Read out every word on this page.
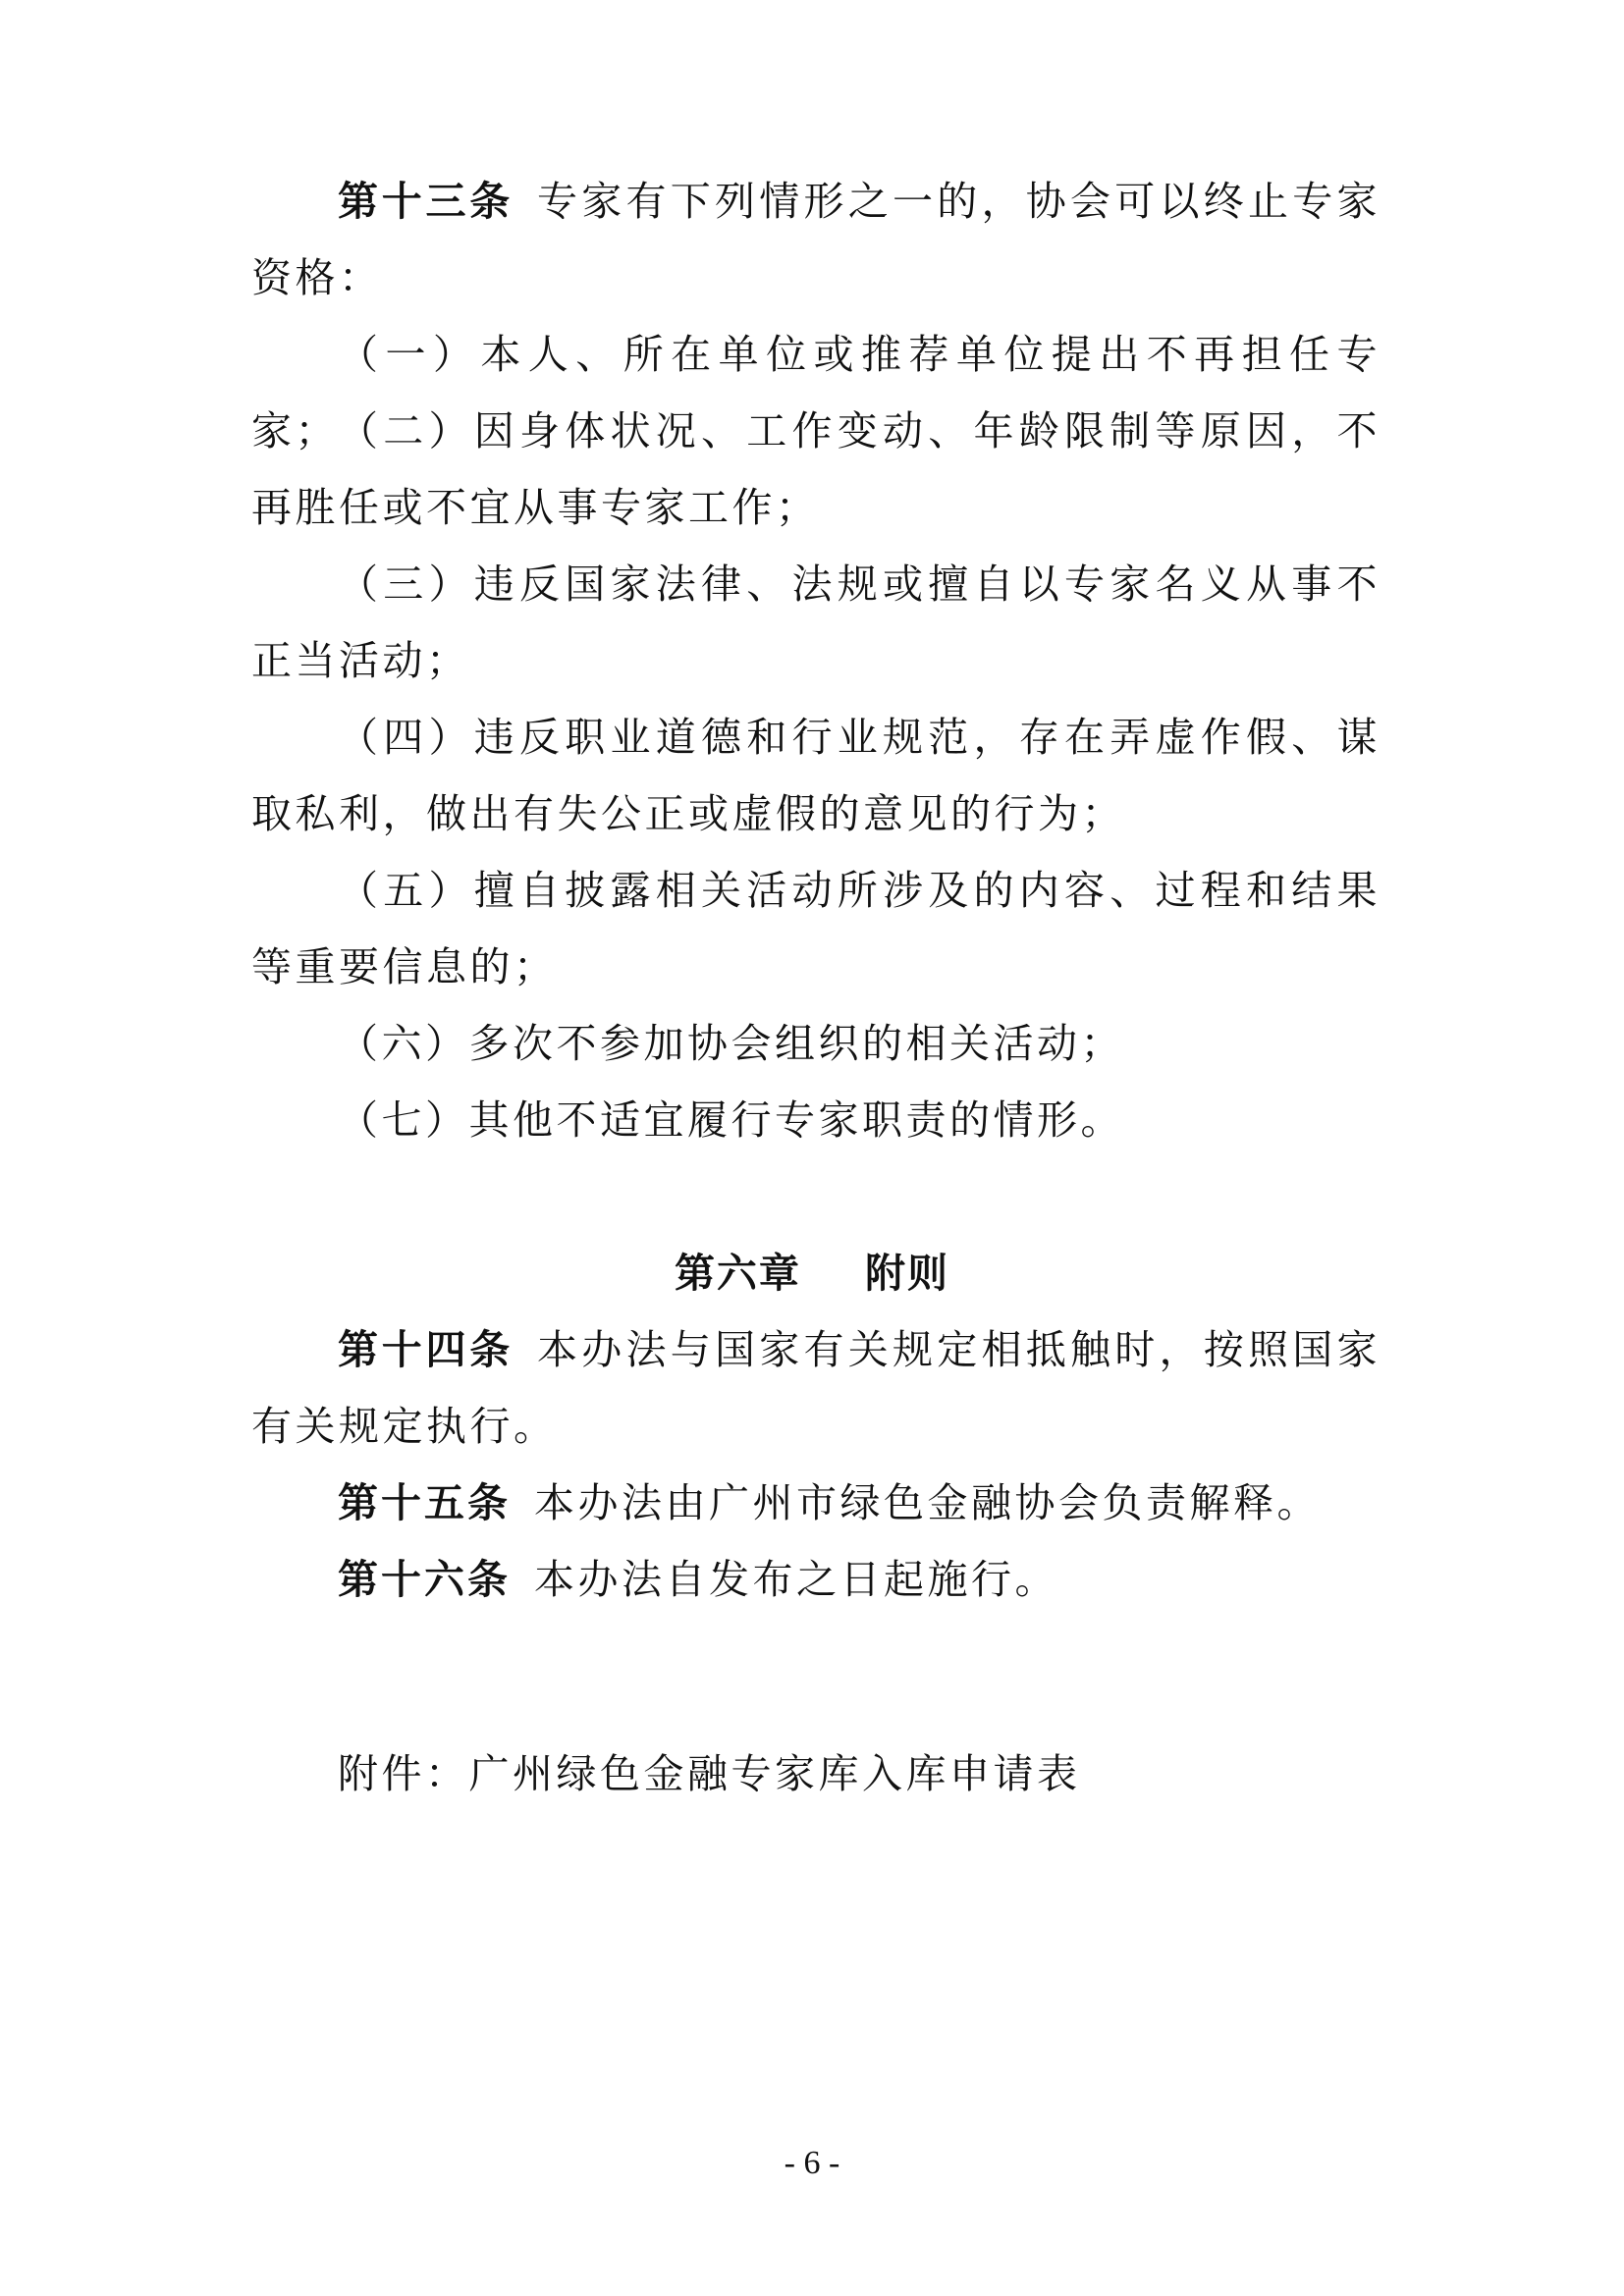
第十三条 专家有下列情形之一的，协会可以终止专家资格：

（一）本人、所在单位或推荐单位提出不再担任专家； （二）因身体状况、工作变动、年龄限制等原因，不再胜任或不宜从事专家工作；

（三）违反国家法律、法规或擅自以专家名义从事不正当活动；

（四）违反职业道德和行业规范，存在弄虚作假、谋取私利，做出有失公正或虚假的意见的行为；

（五）擅自披露相关活动所涉及的内容、过程和结果等重要信息的；

（六）多次不参加协会组织的相关活动；

（七）其他不适宜履行专家职责的情形。

第六章    附则

第十四条 本办法与国家有关规定相抵触时，按照国家有关规定执行。

第十五条 本办法由广州市绿色金融协会负责解释。

第十六条 本办法自发布之日起施行。

附件：广州绿色金融专家库入库申请表

- 6 -
